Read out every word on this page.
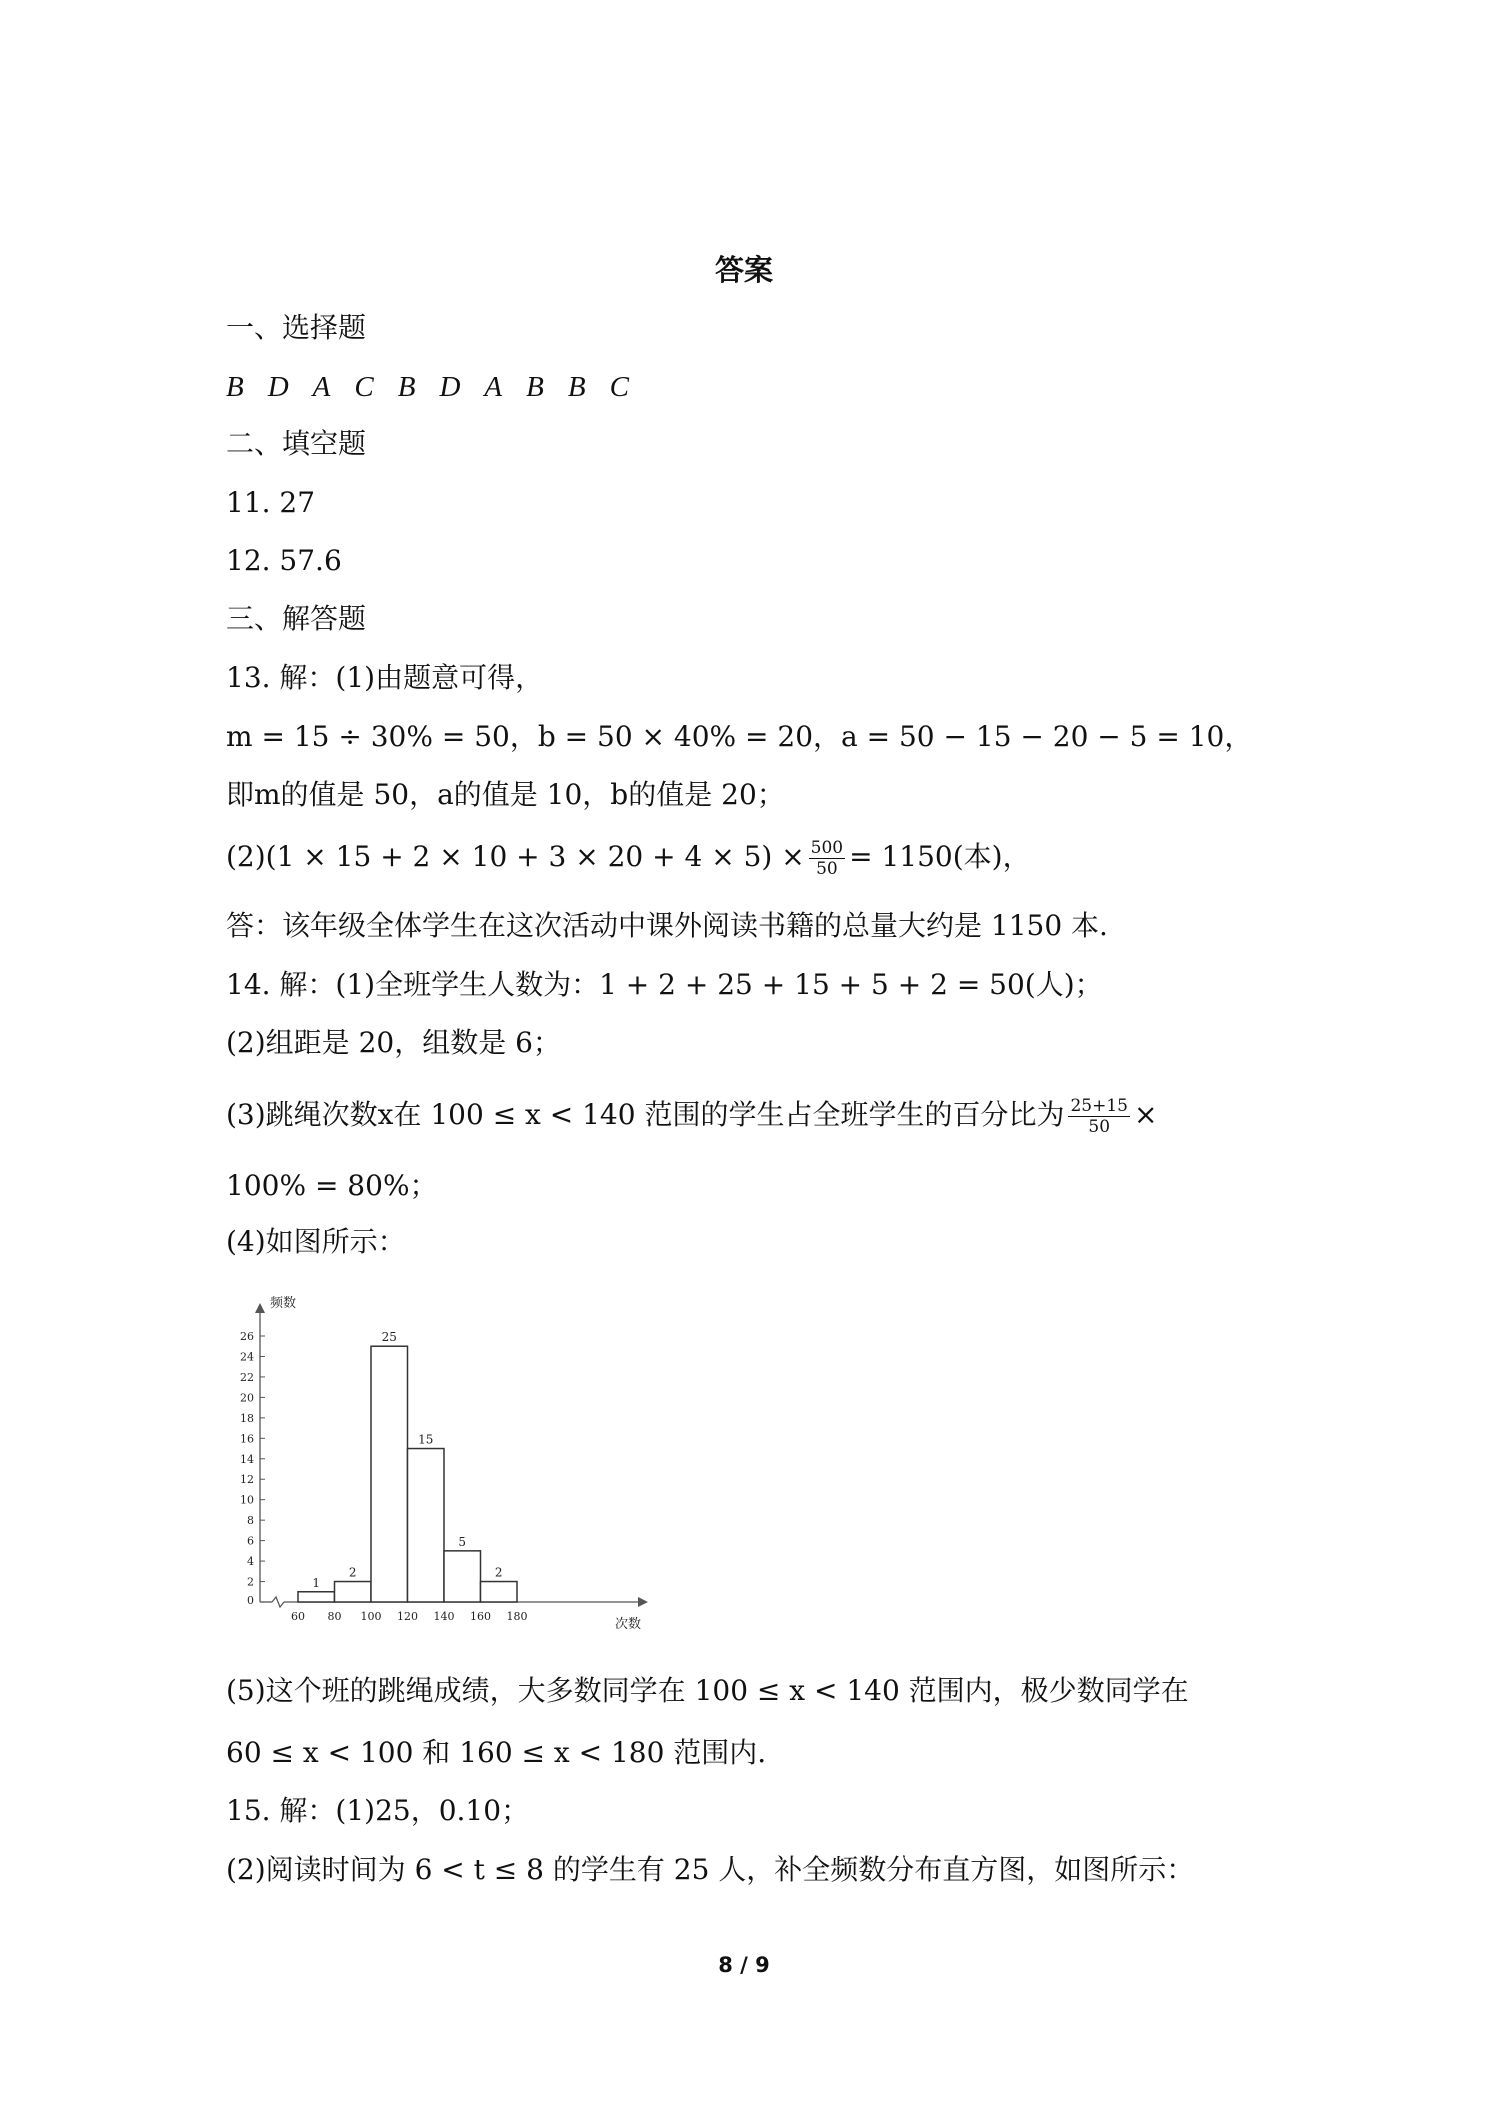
答案
一、选择题
B D A C B D A B B C
二、填空题
11. 27
12. 57.6
三、解答题
13. 解：(1)由题意可得，
m = 15 ÷ 30% = 50，b = 50 × 40% = 20，a = 50 − 15 − 20 − 5 = 10，
即m的值是 50，a的值是 10，b的值是 20；
$(2)(1 \times 15 + 2 \times 10 + 3 \times 20 + 4 \times 5) \times \frac{500}{50} = 1150$(本)，
答：该年级全体学生在这次活动中课外阅读书籍的总量大约是 1150 本.
14. 解：(1)全班学生人数为：1 + 2 + 25 + 15 + 5 + 2 = 50(人)；
(2)组距是 20，组数是 6；
(3)跳绳次数x在 100 ≤ x < 140 范围的学生占全班学生的百分比为 $\frac{25+15}{50}$ ×
100% = 80%；
(4)如图所示：
频数
次数
0
2
4
6
8
10
12
14
16
18
20
22
24
26
60 80 100 120 140 160 180
1
2
25
15
5
2
(5)这个班的跳绳成绩，大多数同学在 100 ≤ x < 140 范围内，极少数同学在
60 ≤ x < 100 和 160 ≤ x < 180 范围内.
15. 解：(1)25，0.10；
(2)阅读时间为 6 < t ≤ 8 的学生有 25 人，补全频数分布直方图，如图所示：
8 / 9
